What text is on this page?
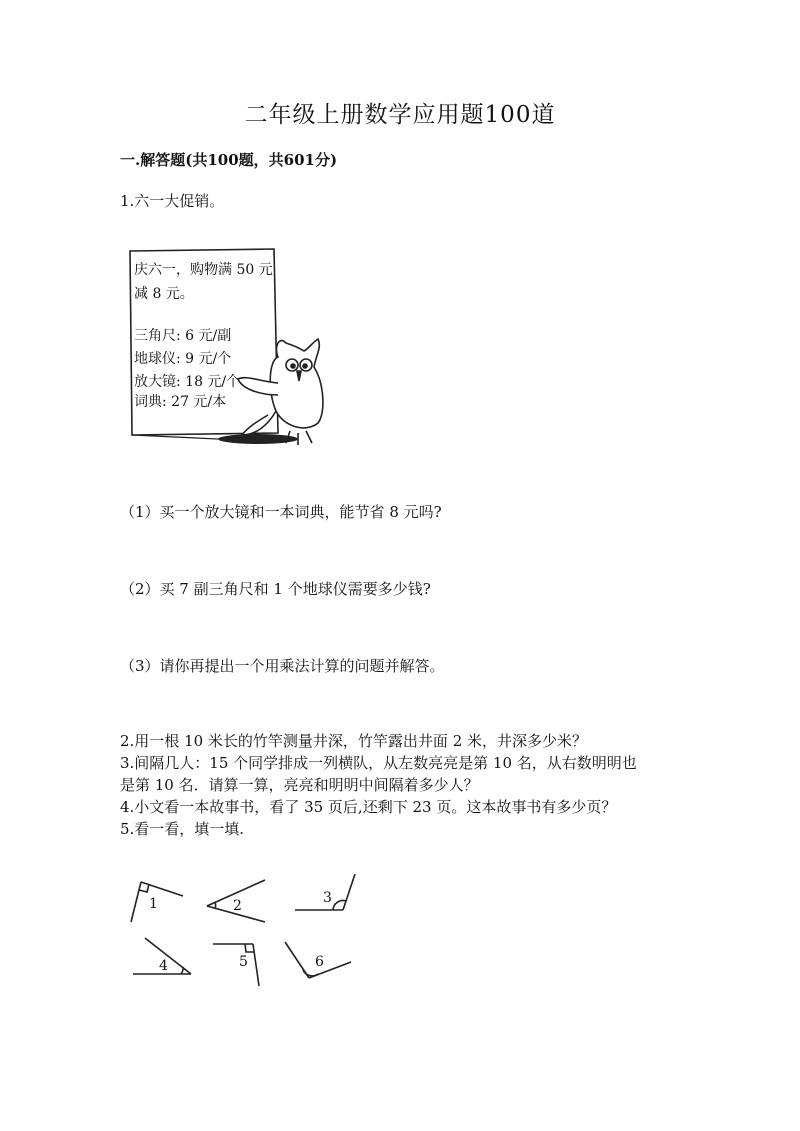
二年级上册数学应用题100道
一.解答题(共100题，共601分)
1.六一大促销。
庆六一，购物满 50 元
减 8 元。
三角尺: 6 元/副
地球仪: 9 元/个
放大镜: 18 元/个
词典: 27 元/本
（1）买一个放大镜和一本词典，能节省 8 元吗?
（2）买 7 副三角尺和 1 个地球仪需要多少钱?
（3）请你再提出一个用乘法计算的问题并解答。
2.用一根 10 米长的竹竿测量井深，竹竿露出井面 2 米，井深多少米？
3.间隔几人：15 个同学排成一列横队，从左数亮亮是第 10 名，从右数明明也
是第 10 名．请算一算，亮亮和明明中间隔着多少人？
4.小文看一本故事书，看了 35 页后,还剩下 23 页。这本故事书有多少页？
5.看一看，填一填.
1	2	3
4	5	6
